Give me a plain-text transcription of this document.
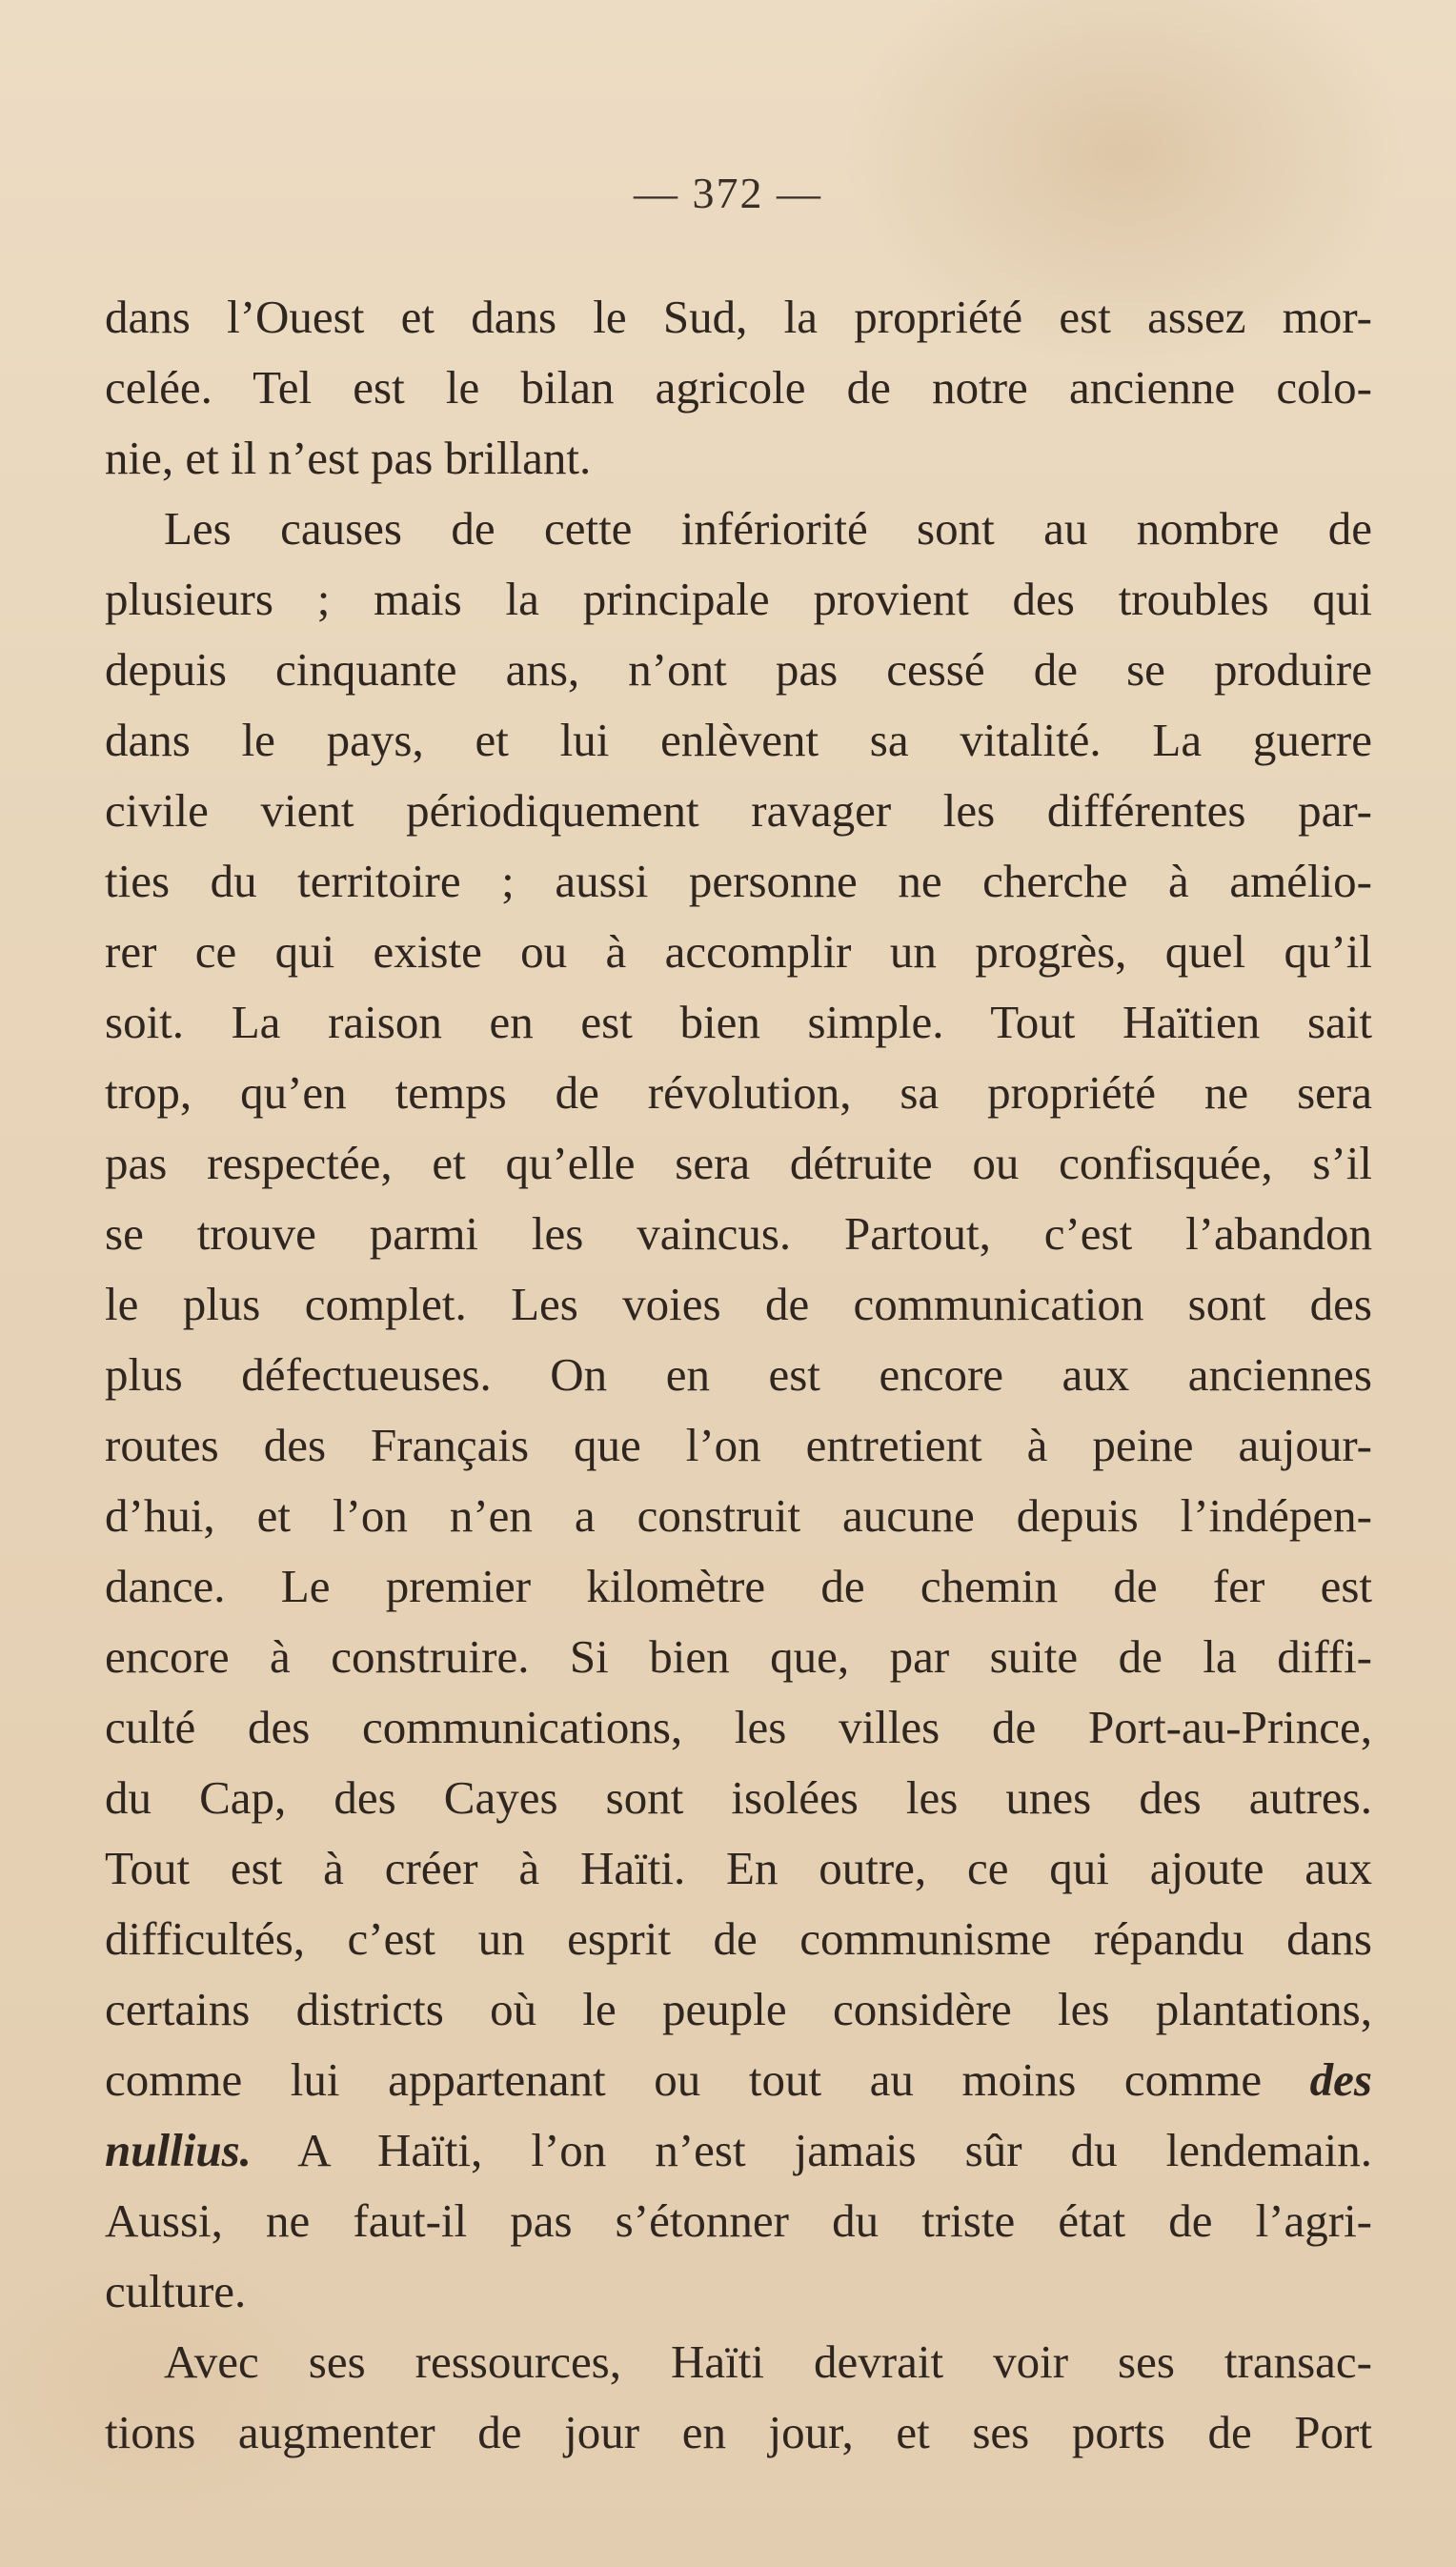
— 372 —
dans l’Ouest et dans le Sud, la propriété est assez mor-
celée. Tel est le bilan agricole de notre ancienne colo-
nie, et il n’est pas brillant.
Les causes de cette infériorité sont au nombre de
plusieurs ; mais la principale provient des troubles qui
depuis cinquante ans, n’ont pas cessé de se produire
dans le pays, et lui enlèvent sa vitalité. La guerre
civile vient périodiquement ravager les différentes par-
ties du territoire ; aussi personne ne cherche à amélio-
rer ce qui existe ou à accomplir un progrès, quel qu’il
soit. La raison en est bien simple. Tout Haïtien sait
trop, qu’en temps de révolution, sa propriété ne sera
pas respectée, et qu’elle sera détruite ou confisquée, s’il
se trouve parmi les vaincus. Partout, c’est l’abandon
le plus complet. Les voies de communication sont des
plus défectueuses. On en est encore aux anciennes
routes des Français que l’on entretient à peine aujour-
d’hui, et l’on n’en a construit aucune depuis l’indépen-
dance. Le premier kilomètre de chemin de fer est
encore à construire. Si bien que, par suite de la diffi-
culté des communications, les villes de Port-au-Prince,
du Cap, des Cayes sont isolées les unes des autres.
Tout est à créer à Haïti. En outre, ce qui ajoute aux
difficultés, c’est un esprit de communisme répandu dans
certains districts où le peuple considère les plantations,
comme lui appartenant ou tout au moins comme des
nullius. A Haïti, l’on n’est jamais sûr du lendemain.
Aussi, ne faut-il pas s’étonner du triste état de l’agri-
culture.
Avec ses ressources, Haïti devrait voir ses transac-
tions augmenter de jour en jour, et ses ports de Port
